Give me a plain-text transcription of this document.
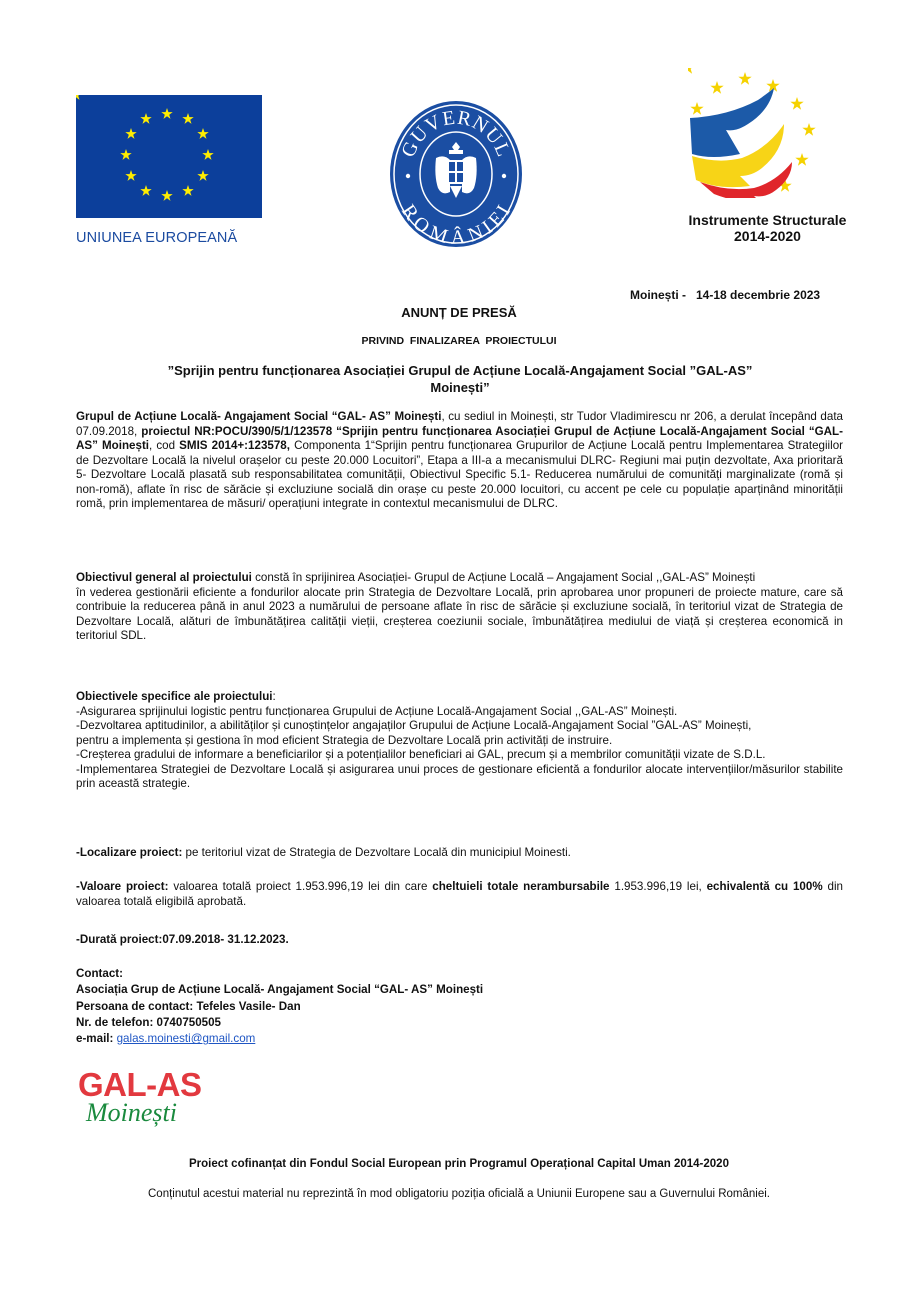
UNIUNEA EUROPEANĂ
GUVERNUL
ROMÂNIEI
Instrumente Structurale
2014-2020
Moinești -   14-18 decembrie 2023
ANUNȚ DE PRESĂ
PRIVIND  FINALIZAREA  PROIECTULUI
”Sprijin pentru funcționarea Asociației Grupul de Acțiune Locală-Angajament Social ”GAL-AS”
Moinești”
Grupul de Acțiune Locală- Angajament Social “GAL- AS” Moinești, cu sediul in Moinești, str Tudor Vladimirescu nr 206, a derulat începând data 07.09.2018, proiectul NR:POCU/390/5/1/123578 “Sprijin pentru funcționarea Asociației Grupul de Acțiune Locală-Angajament Social “GAL- AS” Moinești, cod SMIS 2014+:123578, Componenta 1“Sprijin pentru funcționarea Grupurilor de Acțiune Locală pentru Implementarea Strategiilor de Dezvoltare Locală la nivelul orașelor cu peste 20.000 Locuitori”, Etapa a III-a a mecanismului DLRC- Regiuni mai puțin dezvoltate, Axa prioritară 5- Dezvoltare Locală plasată sub responsabilitatea comunității, Obiectivul Specific 5.1- Reducerea numărului de comunități marginalizate (romă și non-romă), aflate în risc de sărăcie și excluziune socială din orașe cu peste 20.000 locuitori, cu accent pe cele cu populație aparținând minorității romă, prin implementarea de măsuri/ operațiuni integrate in contextul mecanismului de DLRC.
Obiectivul general al proiectului constă în sprijinirea Asociației- Grupul de Acțiune Locală – Angajament Social ,,GAL-AS” Moinești
în vederea gestionării eficiente a fondurilor alocate prin Strategia de Dezvoltare Locală, prin aprobarea unor propuneri de proiecte mature, care să contribuie la reducerea până in anul 2023 a numărului de persoane aflate în risc de sărăcie și excluziune socială, în teritoriul vizat de Strategia de Dezvoltare Locală, alături de îmbunătățirea calității vieții, creșterea coeziunii sociale, îmbunătățirea mediului de viață și creșterea economică in teritoriul SDL.
Obiectivele specifice ale proiectului:
-Asigurarea sprijinului logistic pentru funcționarea Grupului de Acțiune Locală-Angajament Social ,,GAL-AS” Moinești.
-Dezvoltarea aptitudinilor, a abilităților și cunoștințelor angajaților Grupului de Acțiune Locală-Angajament Social ”GAL-AS” Moinești,
pentru a implementa și gestiona în mod eficient Strategia de Dezvoltare Locală prin activități de instruire.
-Creșterea gradului de informare a beneficiarilor și a potențialilor beneficiari ai GAL, precum și a membrilor comunității vizate de S.D.L.
-Implementarea Strategiei de Dezvoltare Locală și asigurarea unui proces de gestionare eficientă a fondurilor alocate intervențiilor/măsurilor stabilite prin această strategie.
-Localizare proiect: pe teritoriul vizat de Strategia de Dezvoltare Locală din municipiul Moinesti.
-Valoare proiect: valoarea totală proiect 1.953.996,19 lei din care cheltuieli totale nerambursabile 1.953.996,19 lei, echivalentă cu 100% din valoarea totală eligibilă aprobată.
-Durată proiect:07.09.2018- 31.12.2023.
Contact:
Asociația Grup de Acțiune Locală- Angajament Social “GAL- AS” Moinești
Persoana de contact: Tefeles Vasile- Dan
Nr. de telefon: 0740750505
e-mail: galas.moinesti@gmail.com
GAL-AS
Moinești
Proiect cofinanțat din Fondul Social European prin Programul Operațional Capital Uman 2014-2020
Conținutul acestui material nu reprezintă în mod obligatoriu poziția oficială a Uniunii Europene sau a Guvernului României.
